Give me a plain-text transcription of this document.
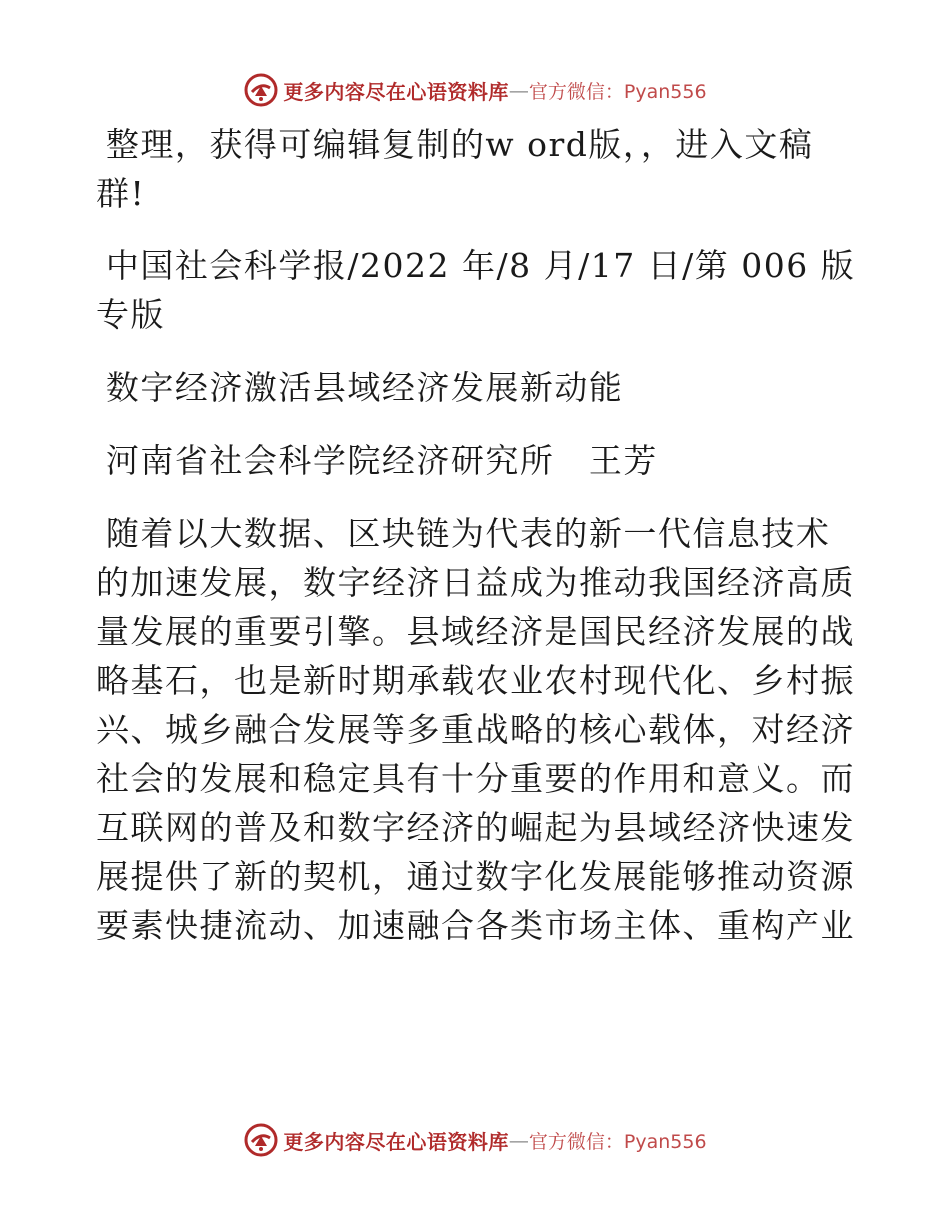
更多内容尽在心语资料库 — 官方微信：Pyan556

整理，获得可编辑复制的w ord版，，进入文稿群!

中国社会科学报/2022 年/8 月/17 日/第 006 版专版

数字经济激活县域经济发展新动能

河南省社会科学院经济研究所　王芳

随着以大数据、区块链为代表的新一代信息技术的加速发展，数字经济日益成为推动我国经济高质量发展的重要引擎。县域经济是国民经济发展的战略基石，也是新时期承载农业农村现代化、乡村振兴、城乡融合发展等多重战略的核心载体，对经济社会的发展和稳定具有十分重要的作用和意义。而互联网的普及和数字经济的崛起为县域经济快速发展提供了新的契机，通过数字化发展能够推动资源要素快捷流动、加速融合各类市场主体、重构产业

更多内容尽在心语资料库 — 官方微信：Pyan556
